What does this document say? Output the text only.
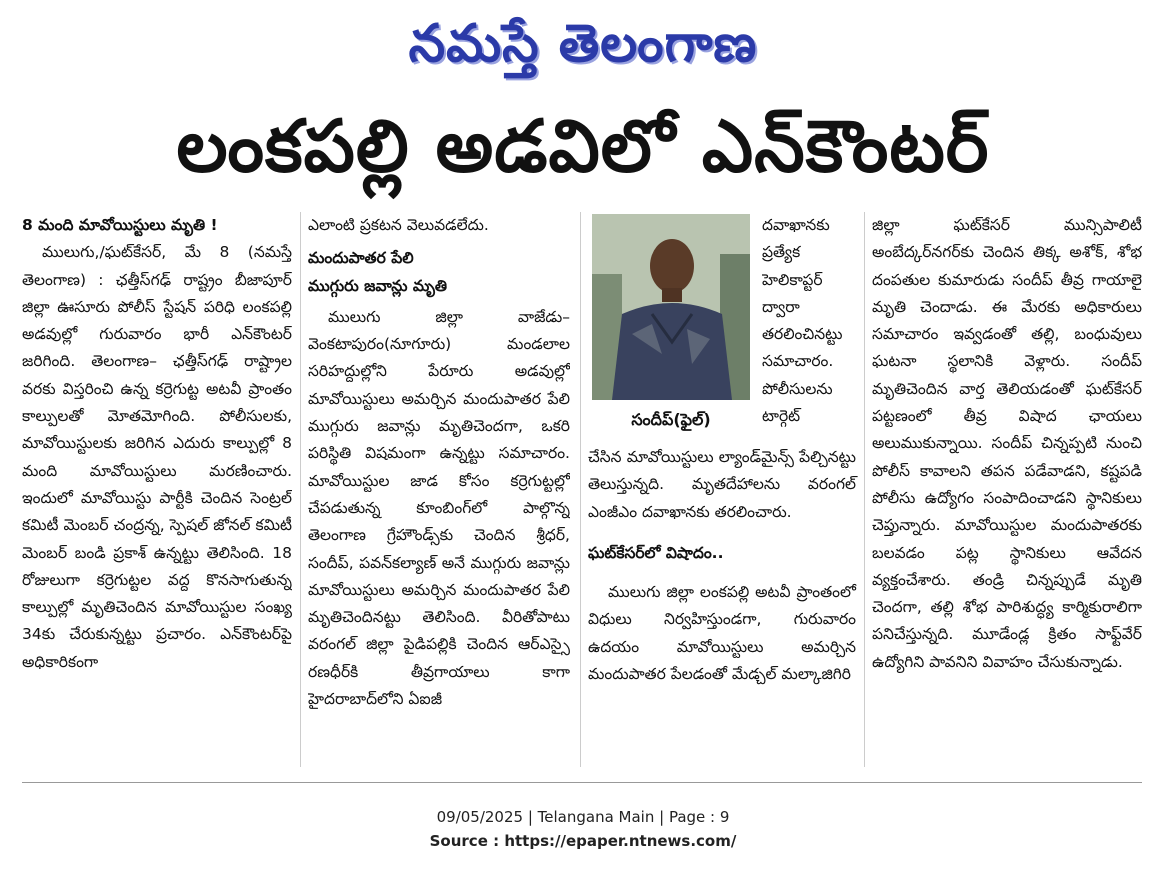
నమస్తే తెలంగాణ
లంకపల్లి అడవిలో ఎన్‌కౌంటర్

8 మంది మావోయిస్టులు మృతి !

ములుగు,/ఘట్‌కేసర్, మే 8 (నమస్తే తెలంగాణ) : ఛత్తీస్‌గఢ్ రాష్ట్రం బీజాపూర్ జిల్లా ఊసూరు పోలీస్ స్టేషన్ పరిధి లంకపల్లి అడవుల్లో గురువారం భారీ ఎన్‌కౌంటర్ జరిగింది. తెలంగాణ– ఛత్తీస్‌గఢ్ రాష్ట్రాల వరకు విస్తరించి ఉన్న కర్రెగుట్ట అటవీ ప్రాంతం కాల్పులతో మోతమోగింది. పోలీసులకు, మావోయిస్టులకు జరిగిన ఎదురు కాల్పుల్లో 8 మంది మావోయిస్టులు మరణించారు. ఇందులో మావోయిస్టు పార్టీకి చెందిన సెంట్రల్ కమిటీ మెంబర్ చంద్రన్న, స్పెషల్ జోనల్ కమిటీ మెంబర్ బండి ప్రకాశ్ ఉన్నట్టు తెలిసింది. 18 రోజులుగా కర్రెగుట్టల వద్ద కొనసాగుతున్న కాల్పుల్లో మృతిచెందిన మావోయిస్టుల సంఖ్య 34కు చేరుకున్నట్టు ప్రచారం. ఎన్‌కౌంటర్‌పై అధికారికంగా

ఎలాంటి ప్రకటన వెలువడలేదు.

మందుపాతర పేలి

ముగ్గురు జవాన్లు మృతి

ములుగు జిల్లా వాజేడు–వెంకటాపురం(నూగూరు) మండలాల సరిహద్దుల్లోని పేరూరు అడవుల్లో మావోయిస్టులు అమర్చిన మందుపాతర పేలి ముగ్గురు జవాన్లు మృతిచెందగా, ఒకరి పరిస్థితి విషమంగా ఉన్నట్టు సమాచారం. మావోయిస్టుల జాడ కోసం కర్రెగుట్టల్లో చేపడుతున్న కూంబింగ్‌లో పాల్గొన్న తెలంగాణ గ్రేహౌండ్స్‌కు చెందిన శ్రీధర్, సందీప్, పవన్‌కల్యాణ్ అనే ముగ్గురు జవాన్లు మావోయిస్టులు అమర్చిన మందుపాతర పేలి మృతిచెందినట్టు తెలిసింది. వీరితోపాటు వరంగల్ జిల్లా పైడిపల్లికి చెందిన ఆర్ఎస్సై రణధీర్‌కి తీవ్రగాయాలు కాగా హైదరాబాద్‌లోని ఏఐజీ

సందీప్(ఫైల్)

దవాఖానకు ప్రత్యేక హెలికాప్టర్ ద్వారా తరలించినట్టు సమాచారం. పోలీసులను టార్గెట్

చేసిన మావోయిస్టులు ల్యాండ్‌మైన్స్ పేల్చినట్టు తెలుస్తున్నది. మృతదేహాలను వరంగల్ ఎంజీఎం దవాఖానకు తరలించారు.

ఘట్‌కేసర్‌లో విషాదం..

ములుగు జిల్లా లంకపల్లి అటవీ ప్రాంతంలో విధులు నిర్వహిస్తుండగా, గురువారం ఉదయం మావోయిస్టులు అమర్చిన మందుపాతర పేలడంతో మేడ్చల్ మల్కాజిగిరి

జిల్లా ఘట్‌కేసర్ మున్సిపాలిటీ అంబేద్కర్‌నగర్‌కు చెందిన తిక్క అశోక్, శోభ దంపతుల కుమారుడు సందీప్ తీవ్ర గాయాలై మృతి చెందాడు. ఈ మేరకు అధికారులు సమాచారం ఇవ్వడంతో తల్లి, బంధువులు ఘటనా స్థలానికి వెళ్లారు. సందీప్ మృతిచెందిన వార్త తెలియడంతో ఘట్‌కేసర్ పట్టణంలో తీవ్ర విషాద ఛాయలు అలుముకున్నాయి. సందీప్ చిన్నప్పటి నుంచి పోలీస్ కావాలని తపన పడేవాడని, కష్టపడి పోలీసు ఉద్యోగం సంపాదించాడని స్థానికులు చెప్తున్నారు. మావోయిస్టుల మందుపాతరకు బలవడం పట్ల స్థానికులు ఆవేదన వ్యక్తంచేశారు. తండ్రి చిన్నప్పుడే మృతి చెందగా, తల్లి శోభ పారిశుద్ధ్య కార్మికురాలిగా పనిచేస్తున్నది. మూడేండ్ల క్రితం సాఫ్ట్‌వేర్ ఉద్యోగిని పావనిని వివాహం చేసుకున్నాడు.

09/05/2025 | Telangana Main | Page : 9
Source : https://epaper.ntnews.com/
